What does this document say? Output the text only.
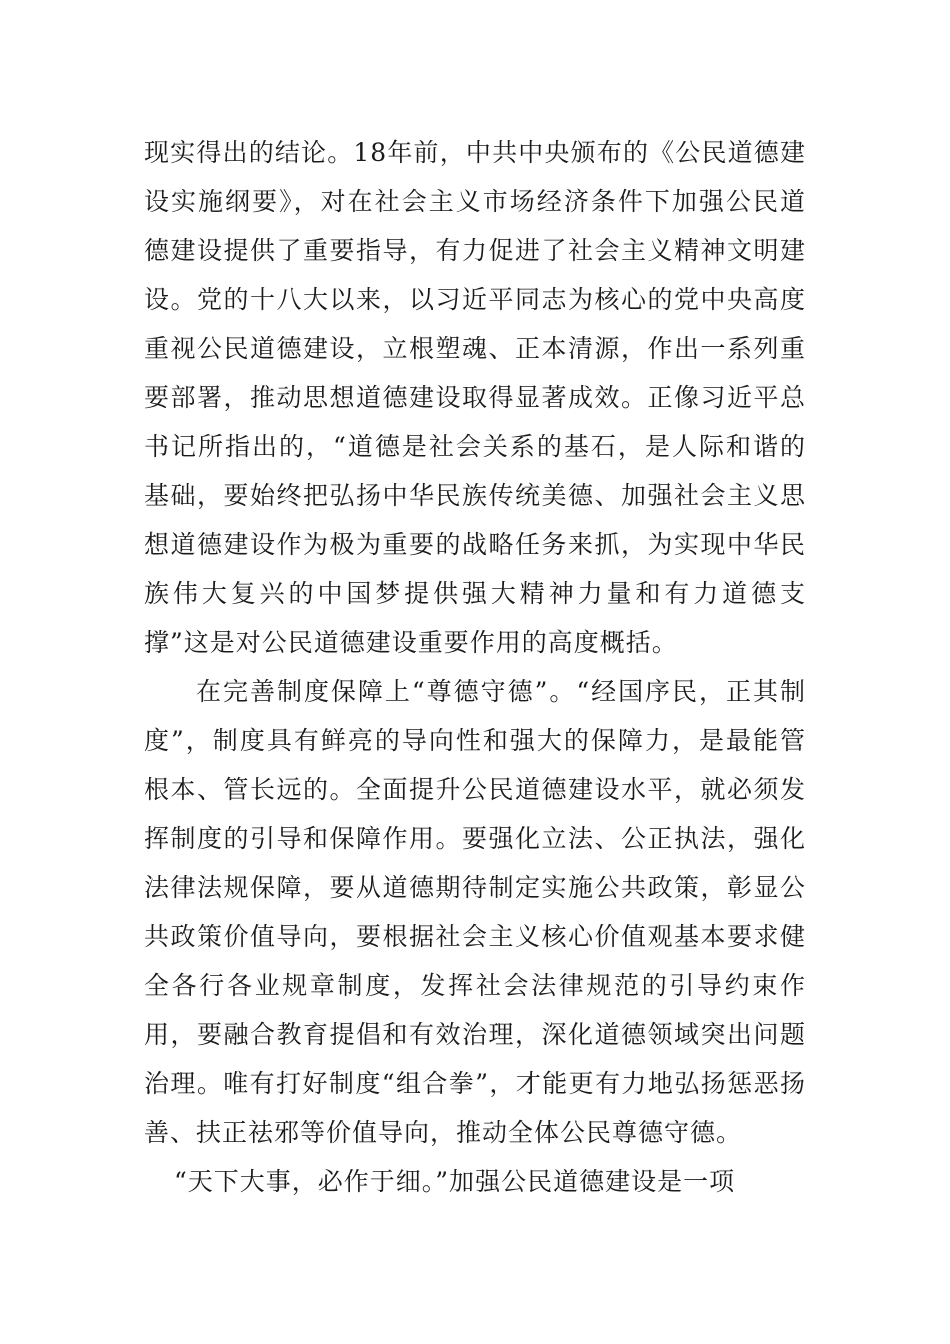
现实得出的结论。18年前，中共中央颁布的《公民道德建设实施纲要》，对在社会主义市场经济条件下加强公民道德建设提供了重要指导，有力促进了社会主义精神文明建设。党的十八大以来，以习近平同志为核心的党中央高度重视公民道德建设，立根塑魂、正本清源，作出一系列重要部署，推动思想道德建设取得显著成效。正像习近平总书记所指出的，“道德是社会关系的基石，是人际和谐的基础，要始终把弘扬中华民族传统美德、加强社会主义思想道德建设作为极为重要的战略任务来抓，为实现中华民族伟大复兴的中国梦提供强大精神力量和有力道德支撑”这是对公民道德建设重要作用的高度概括。

在完善制度保障上“尊德守德”。“经国序民，正其制度”，制度具有鲜亮的导向性和强大的保障力，是最能管根本、管长远的。全面提升公民道德建设水平，就必须发挥制度的引导和保障作用。要强化立法、公正执法，强化法律法规保障，要从道德期待制定实施公共政策，彰显公共政策价值导向，要根据社会主义核心价值观基本要求健全各行各业规章制度，发挥社会法律规范的引导约束作用，要融合教育提倡和有效治理，深化道德领域突出问题治理。唯有打好制度“组合拳”，才能更有力地弘扬惩恶扬善、扶正祛邪等价值导向，推动全体公民尊德守德。

“天下大事，必作于细。”加强公民道德建设是一项
